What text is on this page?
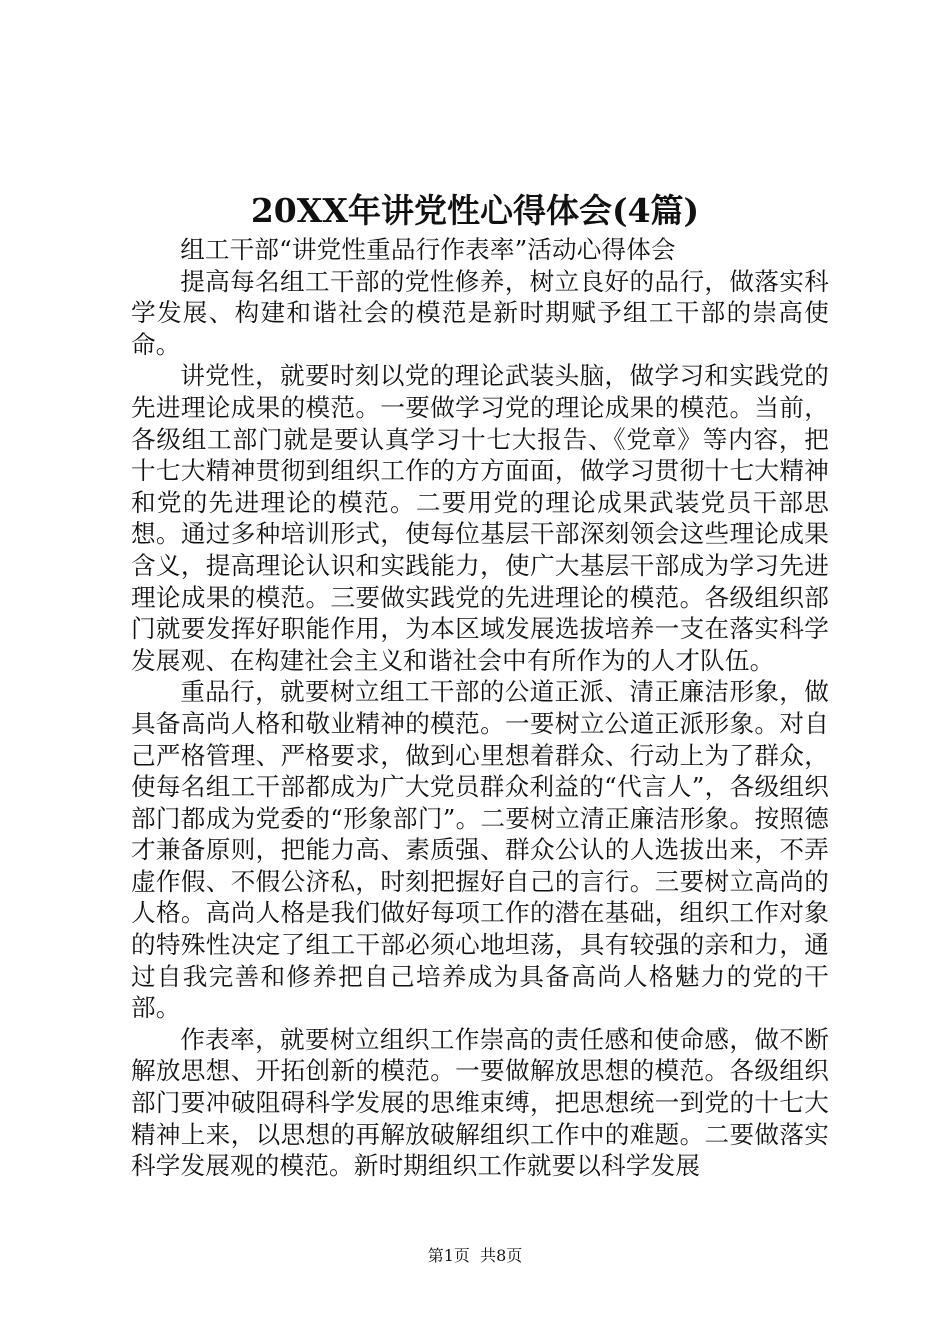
20XX年讲党性心得体会(4篇)

组工干部“讲党性重品行作表率”活动心得体会

提高每名组工干部的党性修养，树立良好的品行，做落实科学发展、构建和谐社会的模范是新时期赋予组工干部的崇高使命。

讲党性，就要时刻以党的理论武装头脑，做学习和实践党的先进理论成果的模范。一要做学习党的理论成果的模范。当前，各级组工部门就是要认真学习十七大报告、《党章》等内容，把十七大精神贯彻到组织工作的方方面面，做学习贯彻十七大精神和党的先进理论的模范。二要用党的理论成果武装党员干部思想。通过多种培训形式，使每位基层干部深刻领会这些理论成果含义，提高理论认识和实践能力，使广大基层干部成为学习先进理论成果的模范。三要做实践党的先进理论的模范。各级组织部门就要发挥好职能作用，为本区域发展选拔培养一支在落实科学发展观、在构建社会主义和谐社会中有所作为的人才队伍。

重品行，就要树立组工干部的公道正派、清正廉洁形象，做具备高尚人格和敬业精神的模范。一要树立公道正派形象。对自己严格管理、严格要求，做到心里想着群众、行动上为了群众，使每名组工干部都成为广大党员群众利益的“代言人”，各级组织部门都成为党委的“形象部门”。二要树立清正廉洁形象。按照德才兼备原则，把能力高、素质强、群众公认的人选拔出来，不弄虚作假、不假公济私，时刻把握好自己的言行。三要树立高尚的人格。高尚人格是我们做好每项工作的潜在基础，组织工作对象的特殊性决定了组工干部必须心地坦荡，具有较强的亲和力，通过自我完善和修养把自己培养成为具备高尚人格魅力的党的干部。

作表率，就要树立组织工作崇高的责任感和使命感，做不断解放思想、开拓创新的模范。一要做解放思想的模范。各级组织部门要冲破阻碍科学发展的思维束缚，把思想统一到党的十七大精神上来，以思想的再解放破解组织工作中的难题。二要做落实科学发展观的模范。新时期组织工作就要以科学发展

第1页  共8页
